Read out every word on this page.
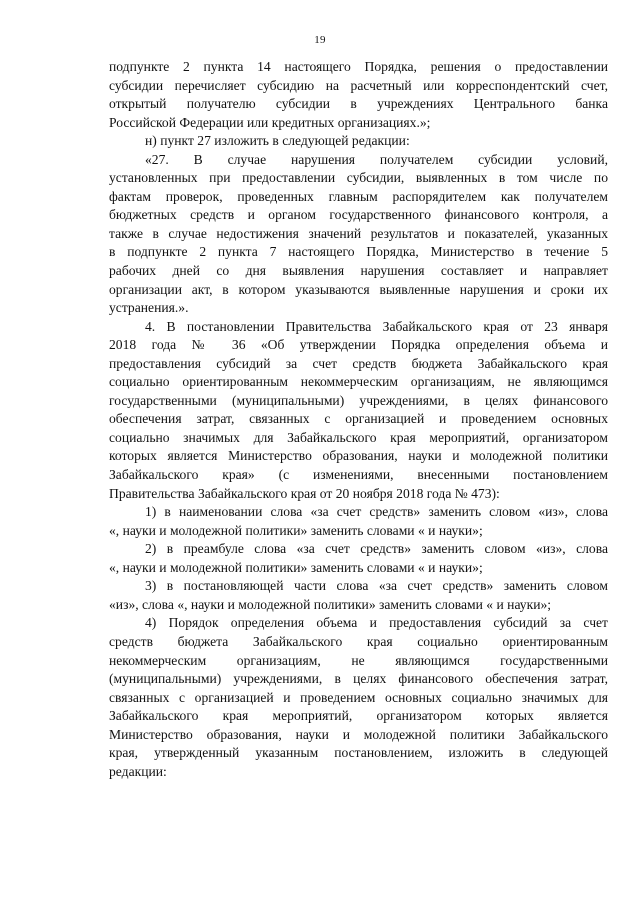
19
подпункте 2 пункта 14 настоящего Порядка, решения о предоставлении
субсидии перечисляет субсидию на расчетный или корреспондентский счет,
открытый получателю субсидии в учреждениях Центрального банка
Российской Федерации или кредитных организациях.»;
н) пункт 27 изложить в следующей редакции:
«27. В случае нарушения получателем субсидии условий,
установленных при предоставлении субсидии, выявленных в том числе по
фактам проверок, проведенных главным распорядителем как получателем
бюджетных средств и органом государственного финансового контроля, а
также в случае недостижения значений результатов и показателей, указанных
в подпункте 2 пункта 7 настоящего Порядка, Министерство в течение 5
рабочих дней со дня выявления нарушения составляет и направляет
организации акт, в котором указываются выявленные нарушения и сроки их
устранения.».
4. В постановлении Правительства Забайкальского края от 23 января
2018 года № 36 «Об утверждении Порядка определения объема и
предоставления субсидий за счет средств бюджета Забайкальского края
социально ориентированным некоммерческим организациям, не являющимся
государственными (муниципальными) учреждениями, в целях финансового
обеспечения затрат, связанных с организацией и проведением основных
социально значимых для Забайкальского края мероприятий, организатором
которых является Министерство образования, науки и молодежной политики
Забайкальского края» (с изменениями, внесенными постановлением
Правительства Забайкальского края от 20 ноября 2018 года № 473):
1) в наименовании слова «за счет средств» заменить словом «из», слова
«, науки и молодежной политики» заменить словами « и науки»;
2) в преамбуле слова «за счет средств» заменить словом «из», слова
«, науки и молодежной политики» заменить словами « и науки»;
3) в постановляющей части слова «за счет средств» заменить словом
«из», слова «, науки и молодежной политики» заменить словами « и науки»;
4) Порядок определения объема и предоставления субсидий за счет
средств бюджета Забайкальского края социально ориентированным
некоммерческим организациям, не являющимся государственными
(муниципальными) учреждениями, в целях финансового обеспечения затрат,
связанных с организацией и проведением основных социально значимых для
Забайкальского края мероприятий, организатором которых является
Министерство образования, науки и молодежной политики Забайкальского
края, утвержденный указанным постановлением, изложить в следующей
редакции:
